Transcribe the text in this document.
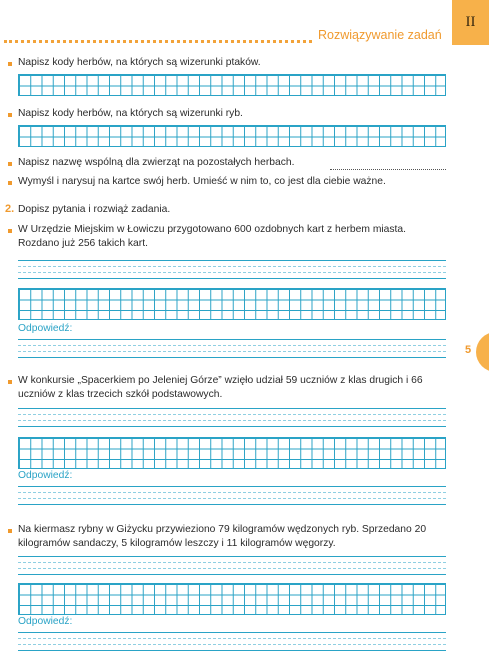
Rozwiązywanie zadań
II
5
Napisz kody herbów, na których są wizerunki ptaków.
Napisz kody herbów, na których są wizerunki ryb.
Napisz nazwę wspólną dla zwierząt na pozostałych herbach.
Wymyśl i narysuj na kartce swój herb. Umieść w nim to, co jest dla ciebie ważne.
2. Dopisz pytania i rozwiąż zadania.
W Urzędzie Miejskim w Łowiczu przygotowano 600 ozdobnych kart z herbem miasta. Rozdano już 256 takich kart.
Odpowiedź:
W konkursie „Spacerkiem po Jeleniej Górze” wzięło udział 59 uczniów z klas drugich i 66 uczniów z klas trzecich szkół podstawowych.
Odpowiedź:
Na kiermasz rybny w Giżycku przywieziono 79 kilogramów wędzonych ryb. Sprzedano 20 kilogramów sandaczy, 5 kilogramów leszczy i 11 kilogramów węgorzy.
Odpowiedź:
